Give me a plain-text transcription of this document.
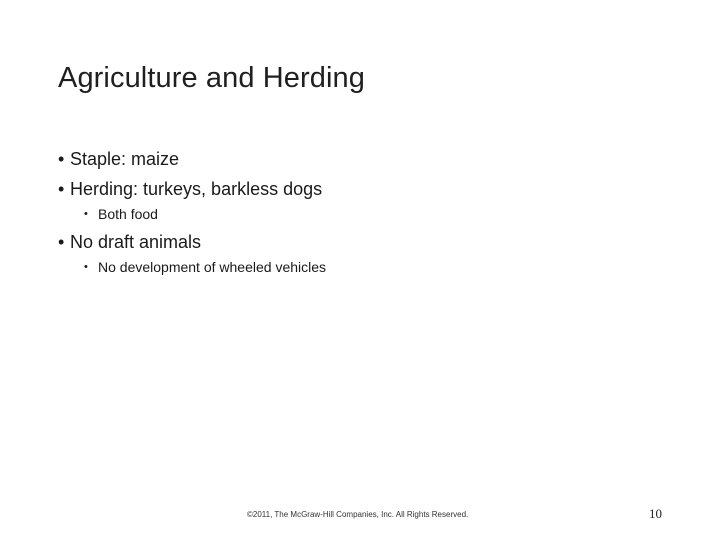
Agriculture and Herding
• Staple: maize
• Herding: turkeys, barkless dogs
• Both food
• No draft animals
• No development of wheeled vehicles
©2011, The McGraw-Hill Companies, Inc. All Rights Reserved.	10
